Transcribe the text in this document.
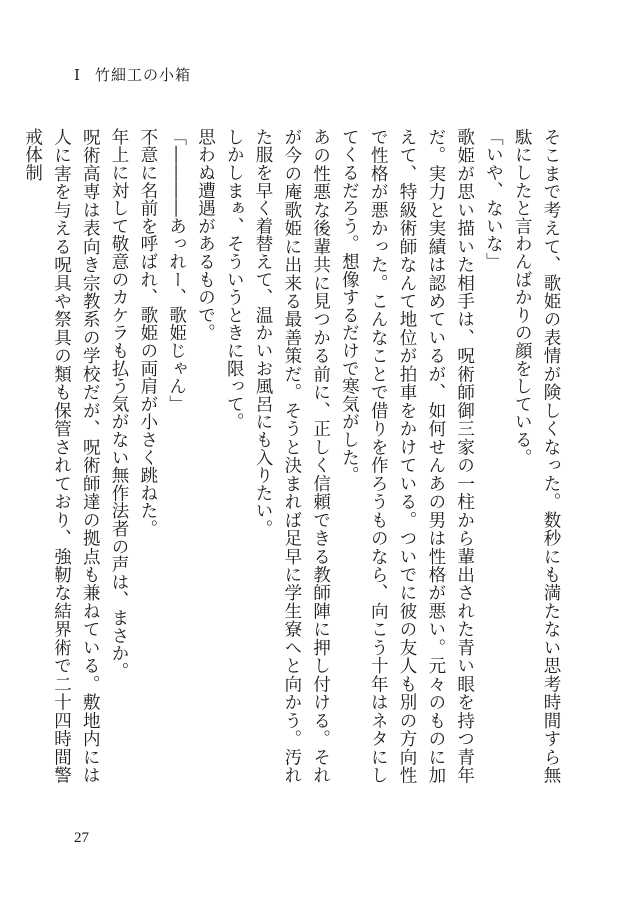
I 竹細工の小箱

そこまで考えて、歌姫の表情が険しくなった。数秒にも満たない思考時間すら無駄にしたと言わんばかりの顔をしている。

「いや、ないな」

歌姫が思い描いた相手は、呪術師御三家の一柱から輩出された青い眼を持つ青年だ。実力と実績は認めているが、如何せんあの男は性格が悪い。元々のものに加えて、特級術師なんて地位が拍車をかけている。ついでに彼の友人も別の方向性で性格が悪かった。こんなことで借りを作ろうものなら、向こう十年はネタにしてくるだろう。想像するだけで寒気がした。

あの性悪な後輩共に見つかる前に、正しく信頼できる教師陣に押し付ける。それが今の庵歌姫に出来る最善策だ。そうと決まれば足早に学生寮へと向かう。汚れた服を早く着替えて、温かいお風呂にも入りたい。

しかしまぁ、そういうときに限って。

思わぬ遭遇があるもので。

「――――あっれー、歌姫じゃん」

不意に名前を呼ばれ、歌姫の両肩が小さく跳ねた。

年上に対して敬意のカケラも払う気がない無作法者の声は、まさか。

呪術高専は表向き宗教系の学校だが、呪術師達の拠点も兼ねている。敷地内には人に害を与える呪具や祭具の類も保管されており、強靭な結界術で二十四時間警戒体制

27
